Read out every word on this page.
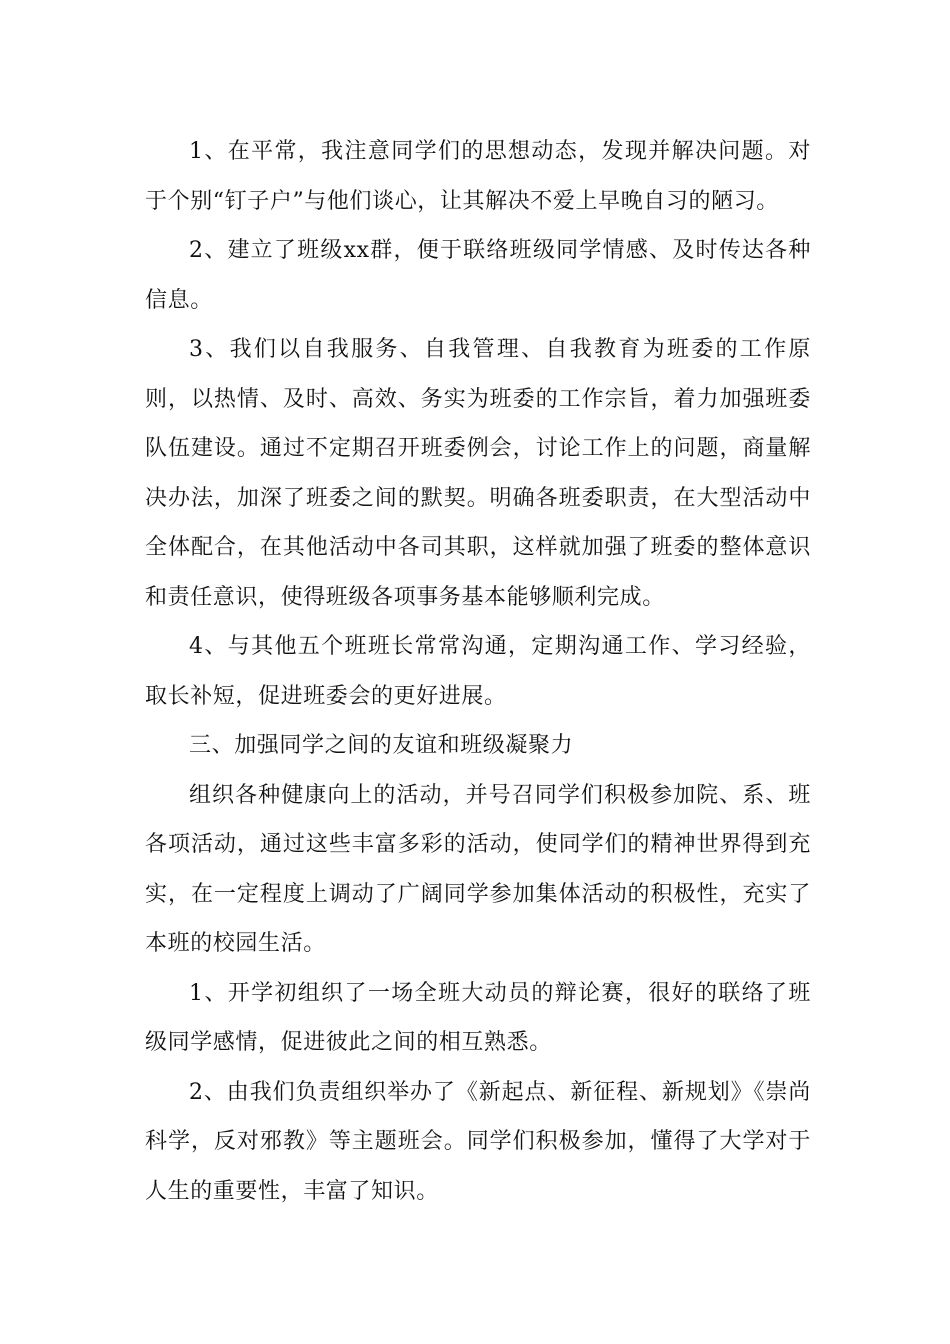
1、在平常，我注意同学们的思想动态，发现并解决问题。对于个别“钉子户”与他们谈心，让其解决不爱上早晚自习的陋习。

2、建立了班级xx群，便于联络班级同学情感、及时传达各种信息。

3、我们以自我服务、自我管理、自我教育为班委的工作原则，以热情、及时、高效、务实为班委的工作宗旨，着力加强班委队伍建设。通过不定期召开班委例会，讨论工作上的问题，商量解决办法，加深了班委之间的默契。明确各班委职责，在大型活动中全体配合，在其他活动中各司其职，这样就加强了班委的整体意识和责任意识，使得班级各项事务基本能够顺利完成。

4、与其他五个班班长常常沟通，定期沟通工作、学习经验，取长补短，促进班委会的更好进展。

三、加强同学之间的友谊和班级凝聚力

组织各种健康向上的活动，并号召同学们积极参加院、系、班各项活动，通过这些丰富多彩的活动，使同学们的精神世界得到充实，在一定程度上调动了广阔同学参加集体活动的积极性，充实了本班的校园生活。

1、开学初组织了一场全班大动员的辩论赛，很好的联络了班级同学感情，促进彼此之间的相互熟悉。

2、由我们负责组织举办了《新起点、新征程、新规划》《崇尚科学，反对邪教》等主题班会。同学们积极参加，懂得了大学对于人生的重要性，丰富了知识。
